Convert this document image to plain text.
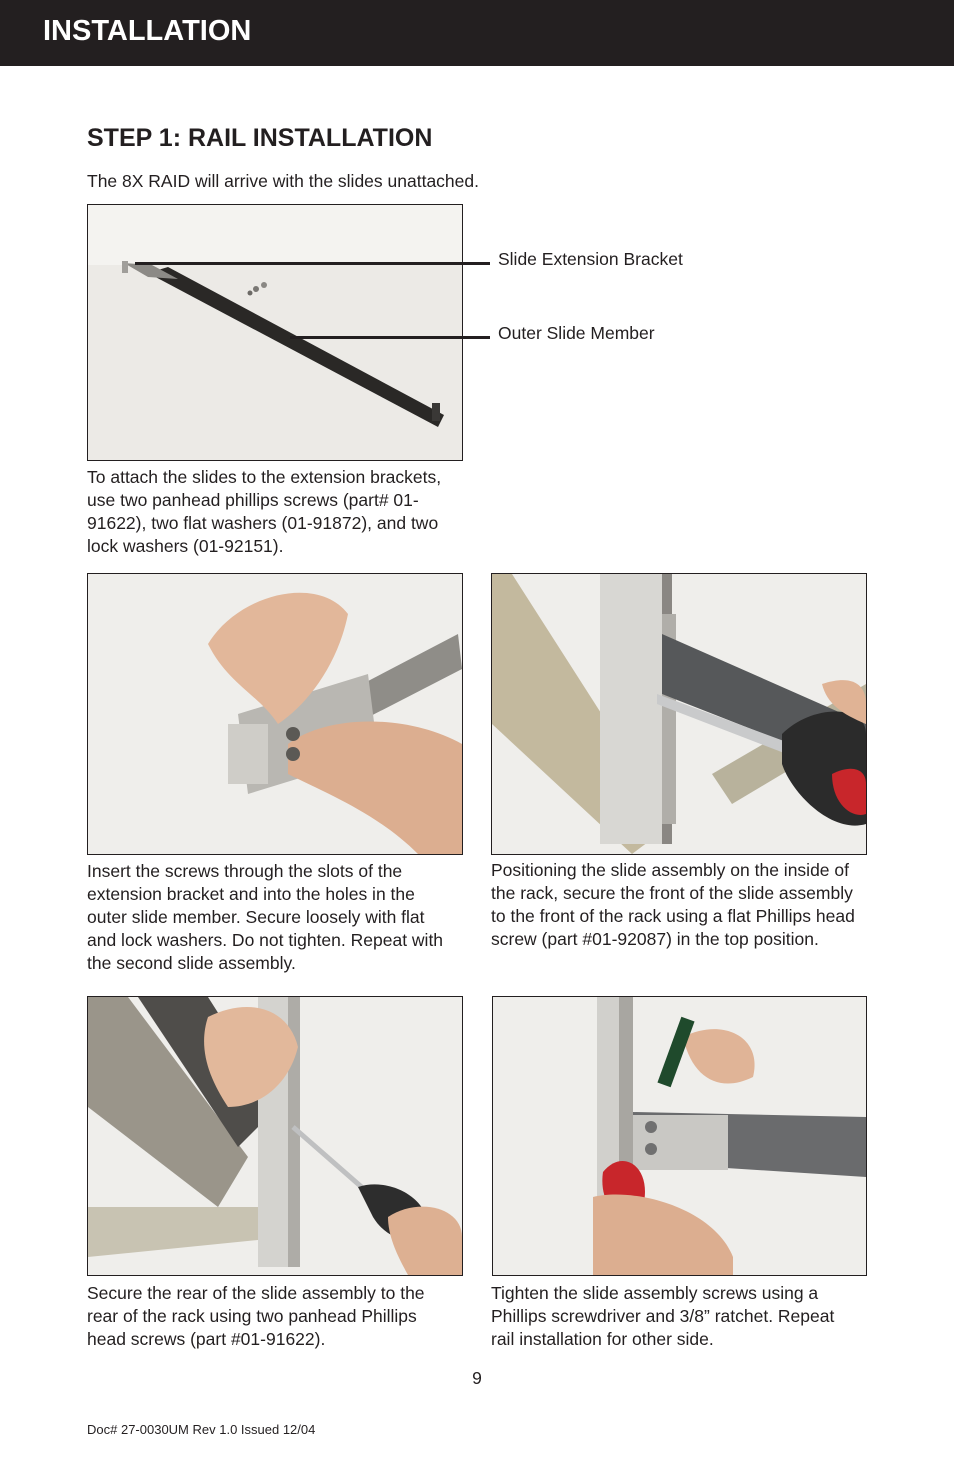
INSTALLATION
STEP 1: RAIL INSTALLATION
The 8X RAID will arrive with the slides unattached.
Slide Extension Bracket
Outer Slide Member
To attach the slides to the extension brackets, use two panhead phillips screws (part# 01-91622), two flat washers (01-91872), and two lock washers (01-92151).
Insert the screws through the slots of the extension bracket and into the holes in the outer slide member. Secure loosely with flat and lock washers. Do not tighten. Repeat with the second slide assembly.
Positioning the slide assembly on the inside of the rack, secure the front of the slide assembly to the front of the rack using a flat Phillips head screw (part #01-92087) in the top position.
Secure the rear of the slide assembly to the rear of the rack using two panhead Phillips head screws (part #01-91622).
Tighten the slide assembly screws using a Phillips screwdriver and 3/8” ratchet. Repeat rail installation for other side.
9
Doc# 27-0030UM Rev 1.0 Issued 12/04
